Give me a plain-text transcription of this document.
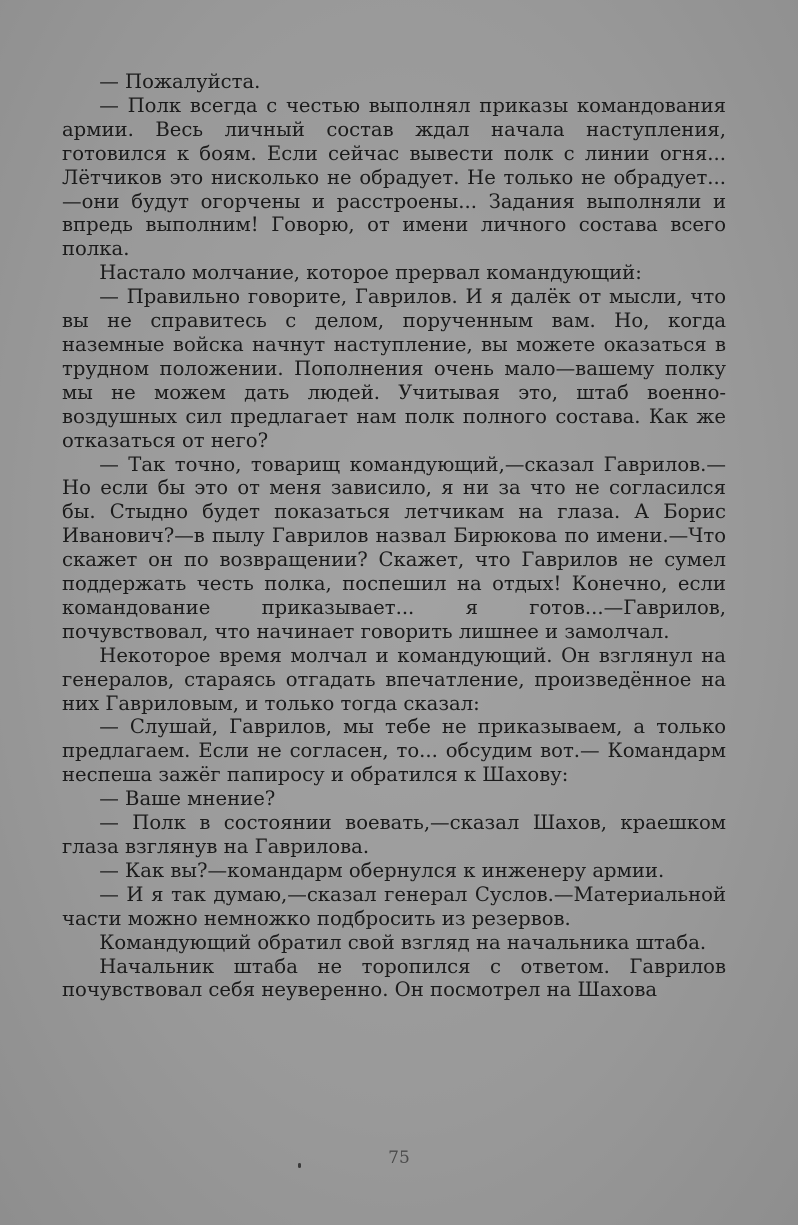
— Пожалуйста.

— Полк всегда с честью выполнял приказы командования армии. Весь личный состав ждал начала наступления, готовился к боям. Если сейчас вывести полк с линии огня... Лётчиков это нисколько не обрадует. Не только не обрадует...—они будут огорчены и расстроены... Задания выполняли и впредь выполним! Говорю, от имени личного состава всего полка.

Настало молчание, которое прервал командующий:

— Правильно говорите, Гаврилов. И я далёк от мысли, что вы не справитесь с делом, порученным вам. Но, когда наземные войска начнут наступление, вы можете оказаться в трудном положении. Пополнения очень мало—вашему полку мы не можем дать людей. Учитывая это, штаб военно-воздушных сил предлагает нам полк полного состава. Как же отказаться от него?

— Так точно, товарищ командующий,—сказал Гаврилов.—Но если бы это от меня зависило, я ни за что не согласился бы. Стыдно будет показаться летчикам на глаза. А Борис Иванович?—в пылу Гаврилов назвал Бирюкова по имени.—Что скажет он по возвращении? Скажет, что Гаврилов не сумел поддержать честь полка, поспешил на отдых! Конечно, если командование приказывает... я готов...—Гаврилов, почувствовал, что начинает говорить лишнее и замолчал.

Некоторое время молчал и командующий. Он взглянул на генералов, стараясь отгадать впечатление, произведённое на них Гавриловым, и только тогда сказал:

— Слушай, Гаврилов, мы тебе не приказываем, а только предлагаем. Если не согласен, то... обсудим вот.— Командарм неспеша зажёг папиросу и обратился к Шахову:

— Ваше мнение?

— Полк в состоянии воевать,—сказал Шахов, краешком глаза взглянув на Гаврилова.

— Как вы?—командарм обернулся к инженеру армии.

— И я так думаю,—сказал генерал Суслов.—Материальной части можно немножко подбросить из резервов.

Командующий обратил свой взгляд на начальника штаба.

Начальник штаба не торопился с ответом. Гаврилов почувствовал себя неуверенно. Он посмотрел на Шахова

75
